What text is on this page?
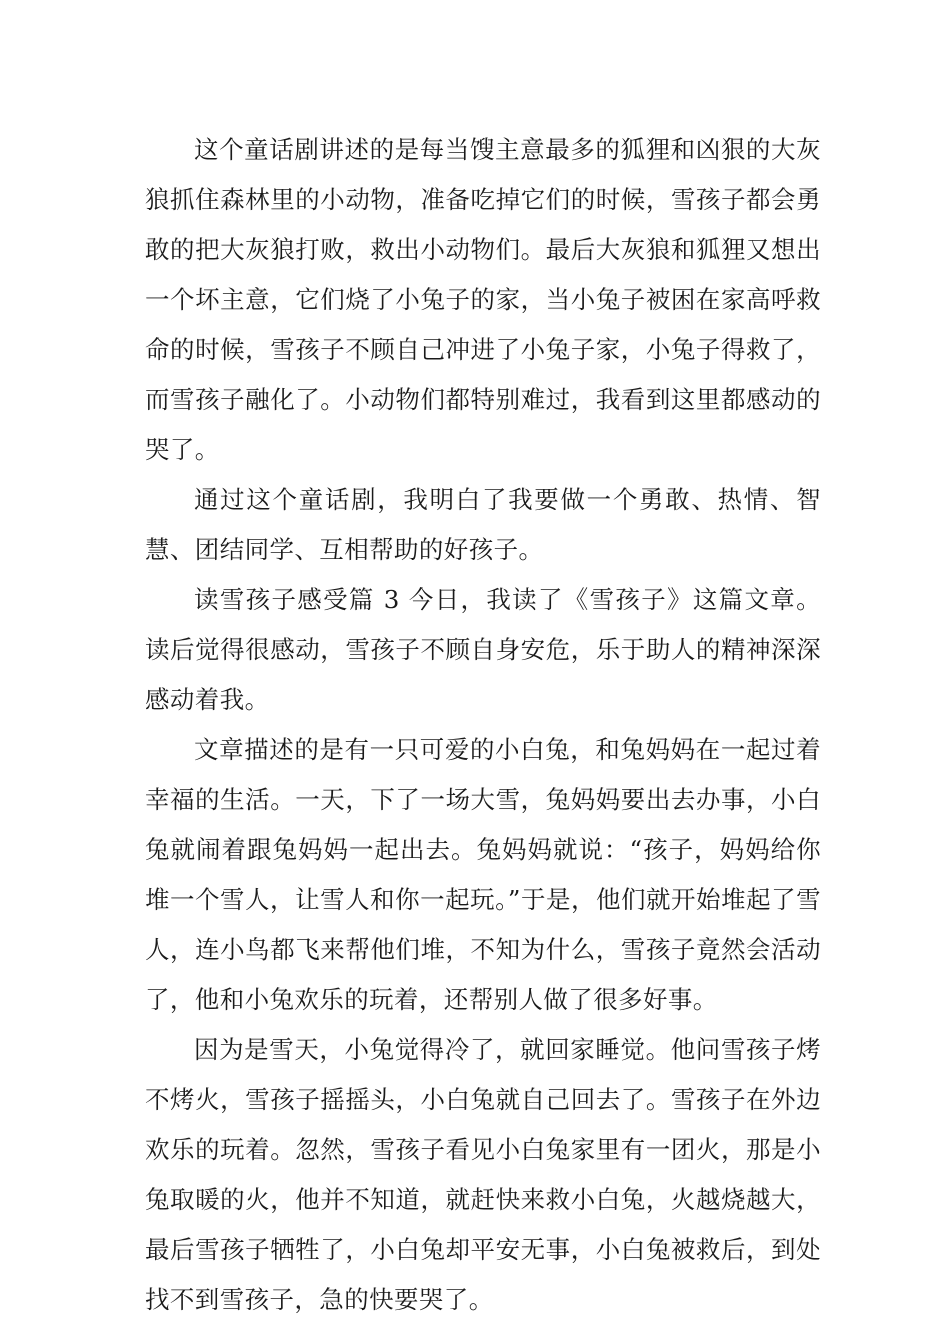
这个童话剧讲述的是每当馊主意最多的狐狸和凶狠的大灰狼抓住森林里的小动物，准备吃掉它们的时候，雪孩子都会勇敢的把大灰狼打败，救出小动物们。最后大灰狼和狐狸又想出一个坏主意，它们烧了小兔子的家，当小兔子被困在家高呼救命的时候，雪孩子不顾自己冲进了小兔子家，小兔子得救了，而雪孩子融化了。小动物们都特别难过，我看到这里都感动的哭了。

通过这个童话剧，我明白了我要做一个勇敢、热情、智慧、团结同学、互相帮助的好孩子。

读雪孩子感受篇 3 今日，我读了《雪孩子》这篇文章。读后觉得很感动，雪孩子不顾自身安危，乐于助人的精神深深感动着我。

文章描述的是有一只可爱的小白兔，和兔妈妈在一起过着幸福的生活。一天，下了一场大雪，兔妈妈要出去办事，小白兔就闹着跟兔妈妈一起出去。兔妈妈就说：“孩子，妈妈给你堆一个雪人，让雪人和你一起玩。”于是，他们就开始堆起了雪人，连小鸟都飞来帮他们堆，不知为什么，雪孩子竟然会活动了，他和小兔欢乐的玩着，还帮别人做了很多好事。

因为是雪天，小兔觉得冷了，就回家睡觉。他问雪孩子烤不烤火，雪孩子摇摇头，小白兔就自己回去了。雪孩子在外边欢乐的玩着。忽然，雪孩子看见小白兔家里有一团火，那是小兔取暖的火，他并不知道，就赶快来救小白兔，火越烧越大，最后雪孩子牺牲了，小白兔却平安无事，小白兔被救后，到处找不到雪孩子，急的快要哭了。
